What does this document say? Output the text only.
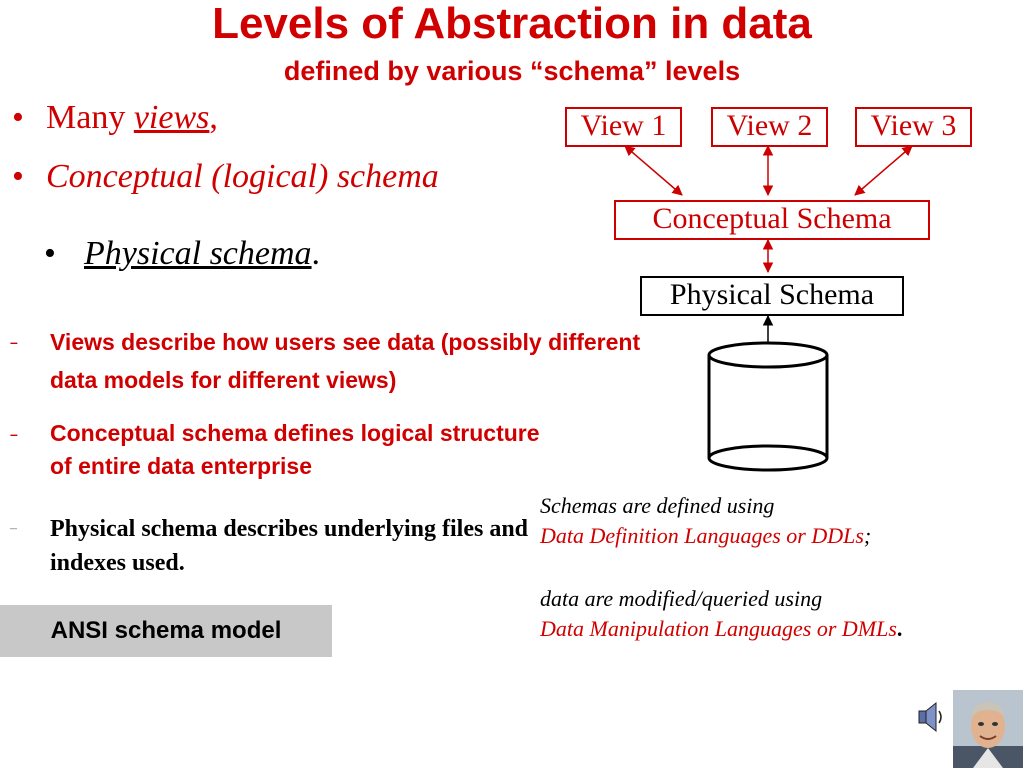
Levels of Abstraction in data
defined by various “schema” levels
• Many views,
• Conceptual (logical) schema
• Physical schema.
– Views describe how users see data (possibly different data models for different views)
– Conceptual schema defines logical structure of entire data enterprise
– Physical schema describes underlying files and indexes used.
ANSI schema model
View 1	View 2	View 3
Conceptual Schema
Physical Schema
Schemas are defined using
Data Definition Languages or DDLs;
data are modified/queried using
Data Manipulation Languages or DMLs.
